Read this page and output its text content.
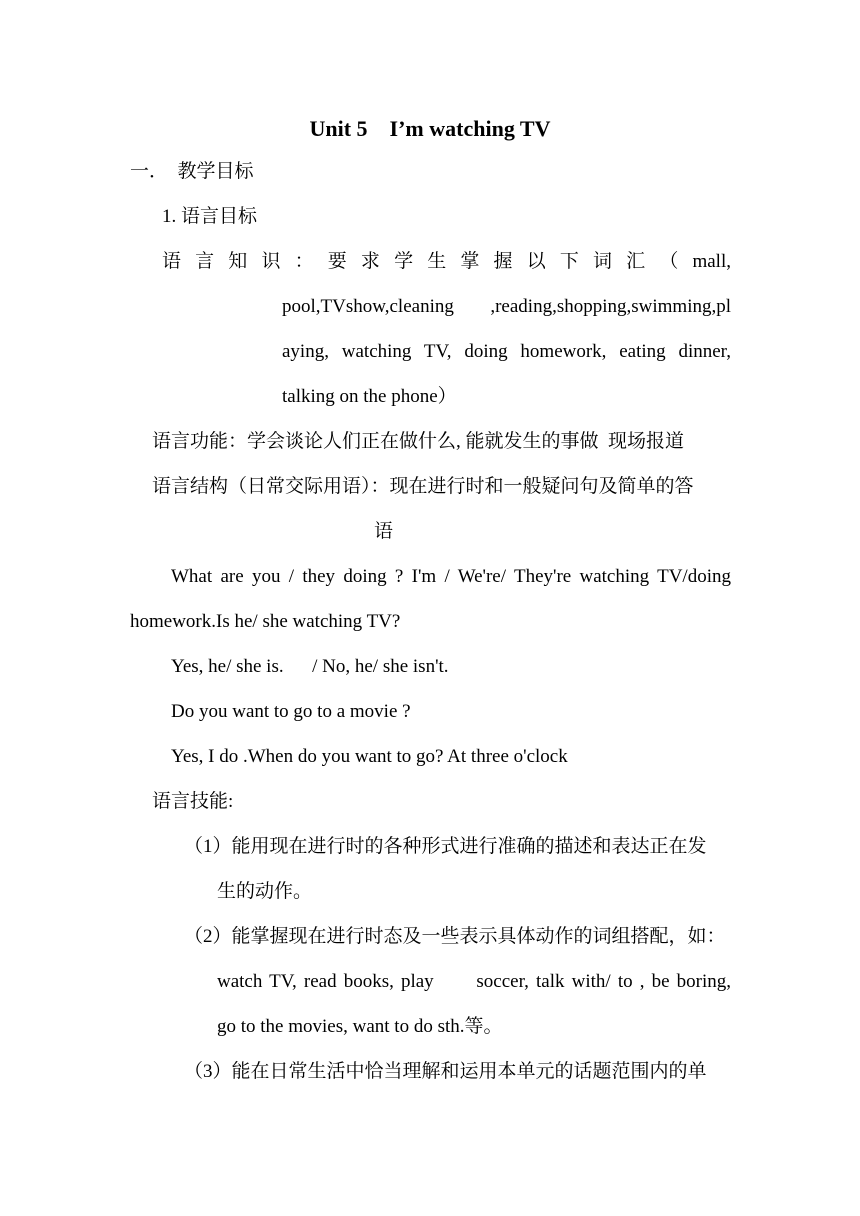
Unit 5    I’m watching TV
一．  教学目标
1. 语言目标
语 言 知 识 ： 要 求 学 生 掌 握 以 下 词 汇 （ mall,
pool,TVshow,cleaning ,reading,shopping,swimming,pl
aying, watching TV, doing homework, eating dinner,
talking on the phone）
语言功能：学会谈论人们正在做什么, 能就发生的事做  现场报道
语言结构（日常交际用语）：现在进行时和一般疑问句及简单的答
语
What are you / they doing ? I'm / We're/ They're watching TV/doing
homework.Is he/ she watching TV?
Yes, he/ she is.      / No, he/ she isn't.
Do you want to go to a movie ?
Yes, I do .When do you want to go? At three o'clock
语言技能:
（1）能用现在进行时的各种形式进行准确的描述和表达正在发
生的动作。
（2）能掌握现在进行时态及一些表示具体动作的词组搭配，如：
watch TV, read books, play      soccer, talk with/ to , be boring,
go to the movies, want to do sth.等。
（3）能在日常生活中恰当理解和运用本单元的话题范围内的单
